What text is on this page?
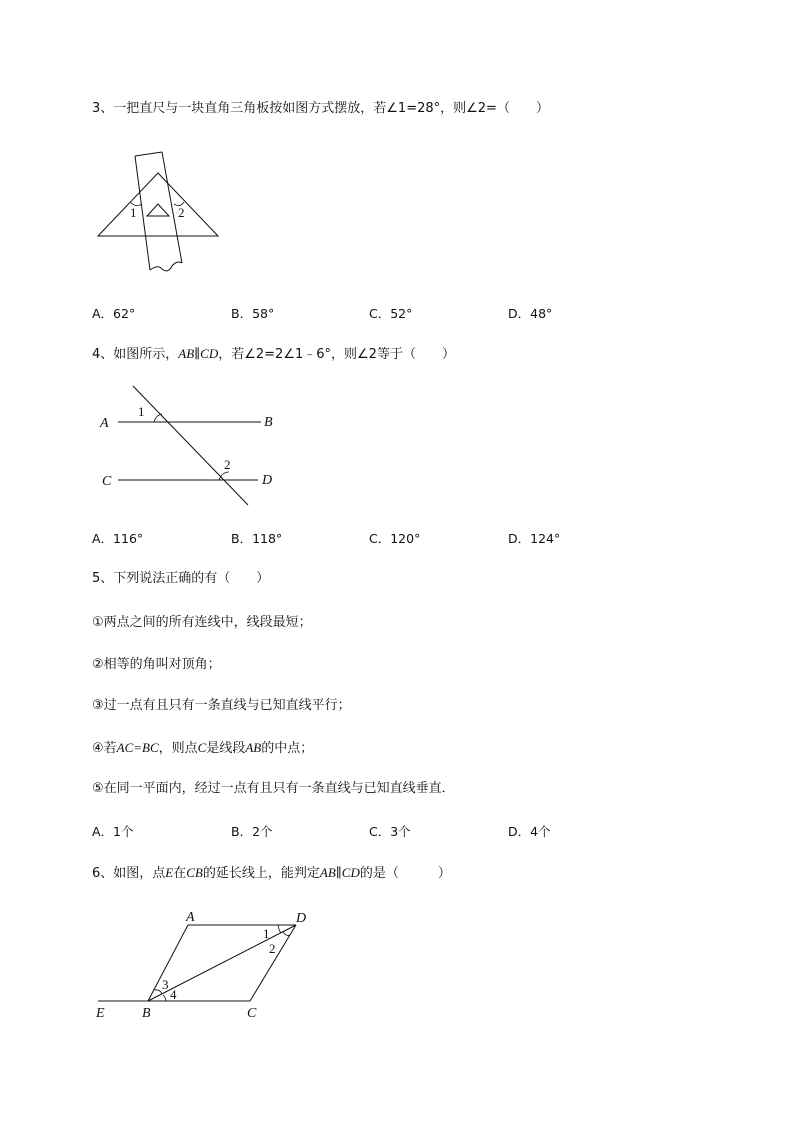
3、一把直尺与一块直角三角板按如图方式摆放，若∠1=28°，则∠2=（　　）
1	2
A．62°	B．58°	C．52°	D．48°
4、如图所示，AB∥CD，若∠2=2∠1﹣6°，则∠2等于（　　）
A	B
C	D
1
2
A．116°	B．118°	C．120°	D．124°
5、下列说法正确的有（　　）
①两点之间的所有连线中，线段最短；
②相等的角叫对顶角；
③过一点有且只有一条直线与已知直线平行；
④若AC=BC，则点C是线段AB的中点；
⑤在同一平面内，经过一点有且只有一条直线与已知直线垂直．
A．1个	B．2个	C．3个	D．4个
6、如图，点E在CB的延长线上，能判定AB∥CD的是（　　　）
A	D
E	B	C
1
2
3
4
